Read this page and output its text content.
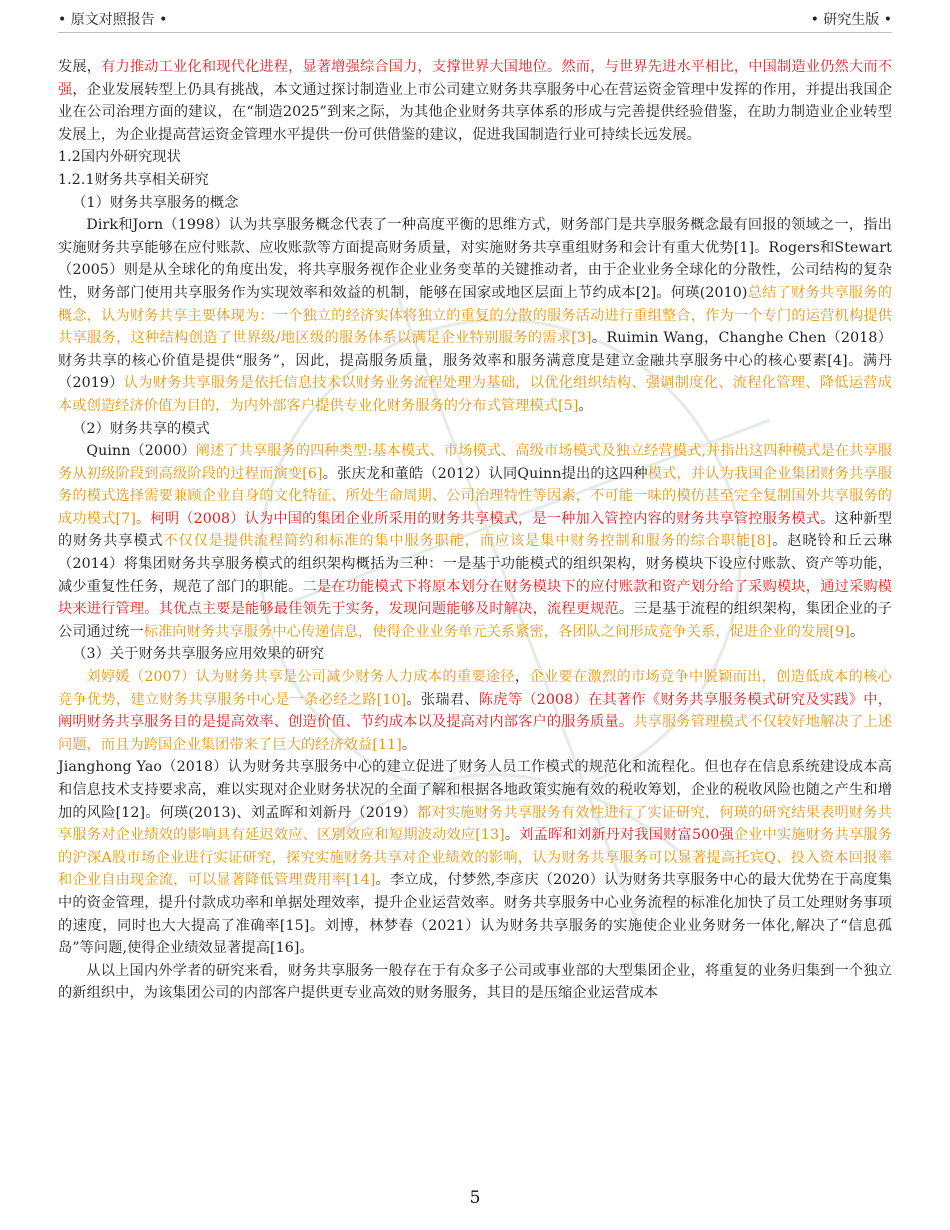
• 原文对照报告 •	• 研究生版 •

发展，有力推动工业化和现代化进程，显著增强综合国力，支撑世界大国地位。然而，与世界先进水平相比，中国制造业仍然大而不强，企业发展转型上仍具有挑战，本文通过探讨制造业上市公司建立财务共享服务中心在营运资金管理中发挥的作用，并提出我国企业在公司治理方面的建议，在“制造2025”到来之际，为其他企业财务共享体系的形成与完善提供经验借鉴，在助力制造业企业转型发展上，为企业提高营运资金管理水平提供一份可供借鉴的建议，促进我国制造行业可持续长远发展。

1.2国内外研究现状

1.2.1财务共享相关研究

（1）财务共享服务的概念

Dirk和Jorn（1998）认为共享服务概念代表了一种高度平衡的思维方式，财务部门是共享服务概念最有回报的领域之一，指出实施财务共享能够在应付账款、应收账款等方面提高财务质量，对实施财务共享重组财务和会计有重大优势[1]。Rogers和Stewart（2005）则是从全球化的角度出发，将共享服务视作企业业务变革的关键推动者，由于企业业务全球化的分散性，公司结构的复杂性，财务部门使用共享服务作为实现效率和效益的机制，能够在国家或地区层面上节约成本[2]。何瑛(2010)总结了财务共享服务的概念，认为财务共享主要体现为：一个独立的经济实体将独立的重复的分散的服务活动进行重组整合，作为一个专门的运营机构提供共享服务，这种结构创造了世界级/地区级的服务体系以满足企业特别服务的需求[3]。Ruimin Wang，Changhe Chen（2018）财务共享的核心价值是提供“服务”，因此，提高服务质量，服务效率和服务满意度是建立金融共享服务中心的核心要素[4]。满丹（2019）认为财务共享服务是依托信息技术以财务业务流程处理为基础，以优化组织结构、强调制度化、流程化管理、降低运营成本或创造经济价值为目的，为内外部客户提供专业化财务服务的分布式管理模式[5]。

（2）财务共享的模式

Quinn（2000）阐述了共享服务的四种类型:基本模式、市场模式、高级市场模式及独立经营模式,并指出这四种模式是在共享服务从初级阶段到高级阶段的过程而演变[6]。张庆龙和董皓（2012）认同Quinn提出的这四种模式，并认为我国企业集团财务共享服务的模式选择需要兼顾企业自身的文化特征、所处生命周期、公司治理特性等因素，不可能一味的模仿甚至完全复制国外共享服务的成功模式[7]。柯明（2008）认为中国的集团企业所采用的财务共享模式，是一种加入管控内容的财务共享管控服务模式。这种新型的财务共享模式不仅仅是提供流程简约和标准的集中服务职能，而应该是集中财务控制和服务的综合职能[8]。赵晓铃和丘云琳（2014）将集团财务共享服务模式的组织架构概括为三种：一是基于功能模式的组织架构，财务模块下设应付账款、资产等功能，减少重复性任务，规范了部门的职能。二是在功能模式下将原本划分在财务模块下的应付账款和资产划分给了采购模块，通过采购模块来进行管理。其优点主要是能够最佳领先于实务，发现问题能够及时解决，流程更规范。三是基于流程的组织架构，集团企业的子公司通过统一标准向财务共享服务中心传递信息，使得企业业务单元关系紧密，各团队之间形成竞争关系，促进企业的发展[9]。

（3）关于财务共享服务应用效果的研究

刘婷媛（2007）认为财务共享是公司减少财务人力成本的重要途径，企业要在激烈的市场竞争中脱颖而出，创造低成本的核心竞争优势，建立财务共享服务中心是一条必经之路[10]。张瑞君、陈虎等（2008）在其著作《财务共享服务模式研究及实践》中，阐明财务共享服务目的是提高效率、创造价值、节约成本以及提高对内部客户的服务质量。共享服务管理模式不仅较好地解决了上述问题，而且为跨国企业集团带来了巨大的经济效益[11]。

Jianghong Yao（2018）认为财务共享服务中心的建立促进了财务人员工作模式的规范化和流程化。但也存在信息系统建设成本高和信息技术支持要求高，难以实现对企业财务状况的全面了解和根据各地政策实施有效的税收筹划，企业的税收风险也随之产生和增加的风险[12]。何瑛(2013)、刘孟晖和刘新丹（2019）都对实施财务共享服务有效性进行了实证研究，何瑛的研究结果表明财务共享服务对企业绩效的影响具有延迟效应、区别效应和短期波动效应[13]。刘孟晖和刘新丹对我国财富500强企业中实施财务共享服务的沪深A股市场企业进行实证研究，探究实施财务共享对企业绩效的影响，认为财务共享服务可以显著提高托宾Q、投入资本回报率和企业自由现金流，可以显著降低管理费用率[14]。李立成，付梦然,李彦庆（2020）认为财务共享服务中心的最大优势在于高度集中的资金管理，提升付款成功率和单据处理效率，提升企业运营效率。财务共享服务中心业务流程的标准化加快了员工处理财务事项的速度，同时也大大提高了准确率[15]。刘博，林梦春（2021）认为财务共享服务的实施使企业业务财务一体化,解决了“信息孤岛”等问题,使得企业绩效显著提高[16]。

从以上国内外学者的研究来看，财务共享服务一般存在于有众多子公司或事业部的大型集团企业，将重复的业务归集到一个独立的新组织中，为该集团公司的内部客户提供更专业高效的财务服务，其目的是压缩企业运营成本

5
